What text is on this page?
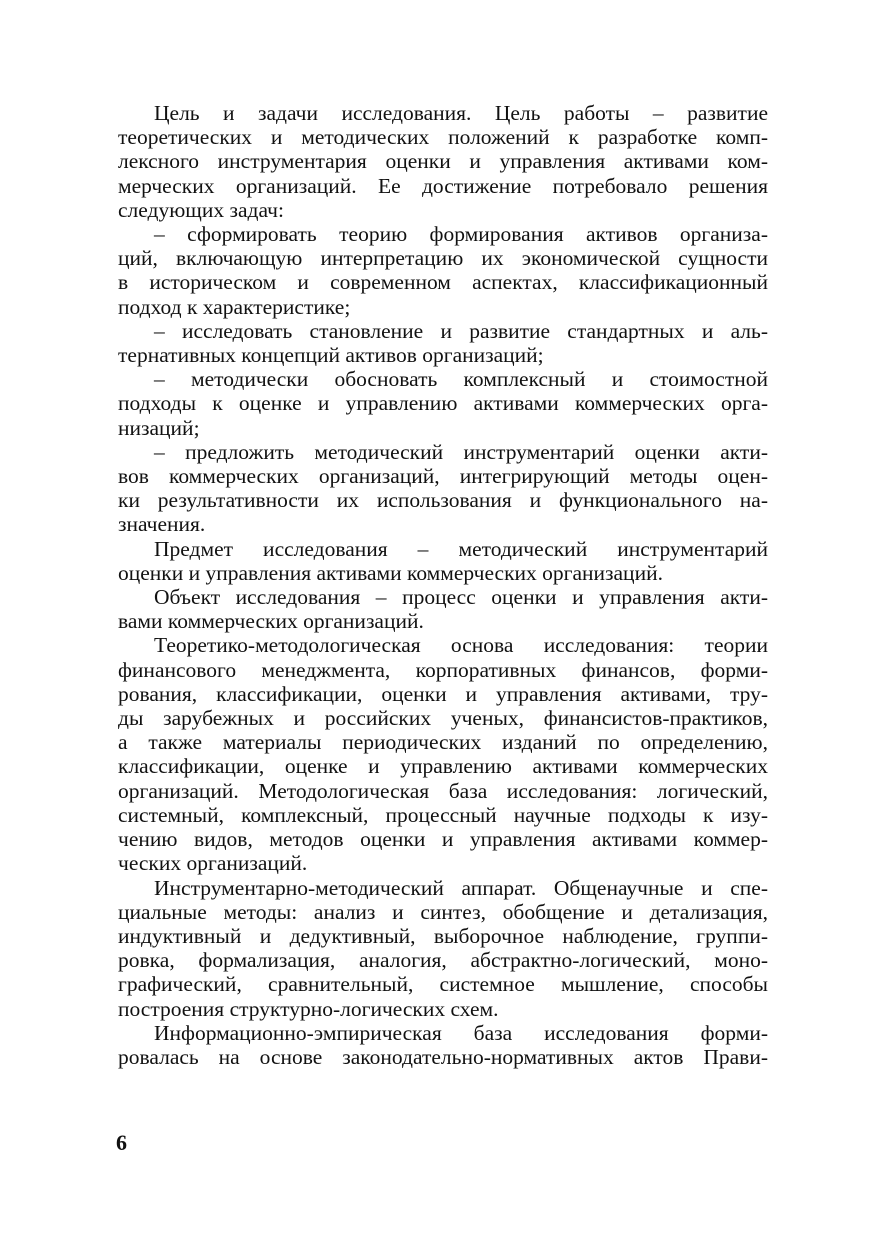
Цель и задачи исследования. Цель работы – развитие
теоретических и методических положений к разработке комп-
лексного инструментария оценки и управления активами ком-
мерческих организаций. Ее достижение потребовало решения
следующих задач:
– сформировать теорию формирования активов организа-
ций, включающую интерпретацию их экономической сущности
в историческом и современном аспектах, классификационный
подход к характеристике;
– исследовать становление и развитие стандартных и аль-
тернативных концепций активов организаций;
– методически обосновать комплексный и стоимостной
подходы к оценке и управлению активами коммерческих орга-
низаций;
– предложить методический инструментарий оценки акти-
вов коммерческих организаций, интегрирующий методы оцен-
ки результативности их использования и функционального на-
значения.
Предмет исследования – методический инструментарий
оценки и управления активами коммерческих организаций.
Объект исследования – процесс оценки и управления акти-
вами коммерческих организаций.
Теоретико-методологическая основа исследования: теории
финансового менеджмента, корпоративных финансов, форми-
рования, классификации, оценки и управления активами, тру-
ды зарубежных и российских ученых, финансистов-практиков,
а также материалы периодических изданий по определению,
классификации, оценке и управлению активами коммерческих
организаций. Методологическая база исследования: логический,
системный, комплексный, процессный научные подходы к изу-
чению видов, методов оценки и управления активами коммер-
ческих организаций.
Инструментарно-методический аппарат. Общенаучные и спе-
циальные методы: анализ и синтез, обобщение и детализация,
индуктивный и дедуктивный, выборочное наблюдение, группи-
ровка, формализация, аналогия, абстрактно-логический, моно-
графический, сравнительный, системное мышление, способы
построения структурно-логических схем.
Информационно-эмпирическая база исследования форми-
ровалась на основе законодательно-нормативных актов Прави-
6
